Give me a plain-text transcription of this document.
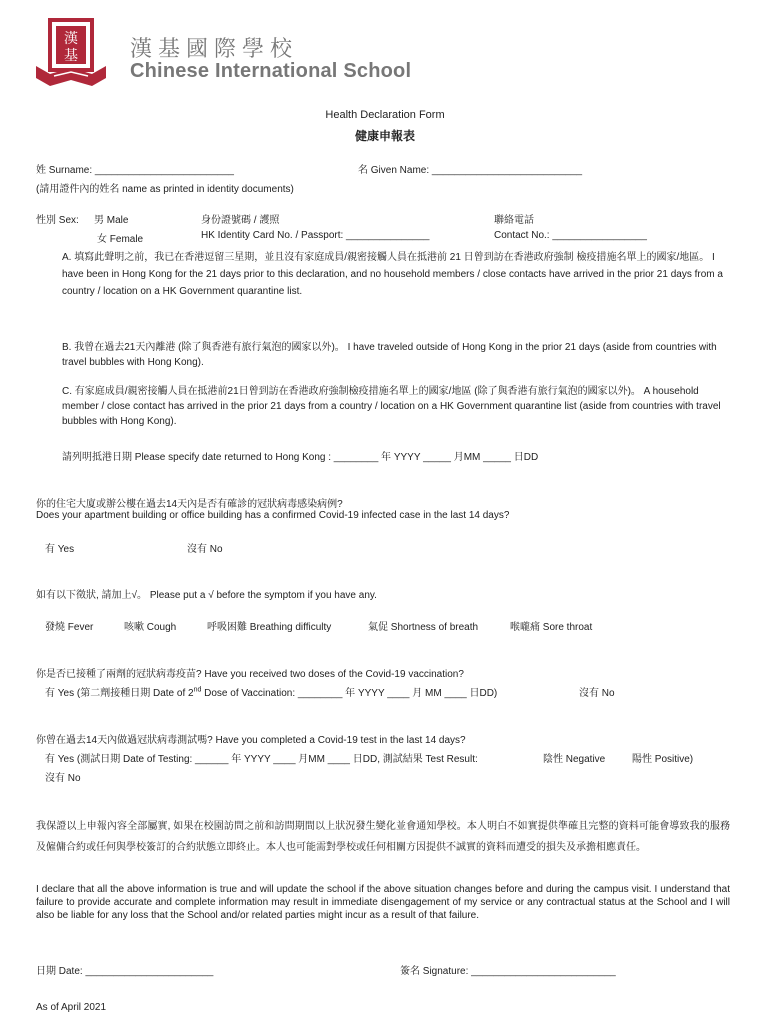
漢
基 漢基國際學校
Chinese International School
Health Declaration Form
健康申報表
姓 Surname: _________________________	名 Given Name: ___________________________
(請用證件內的姓名 name as printed in identity documents)
性別 Sex: 男 Male
女 Female
身份證號碼 / 護照
HK Identity Card No. / Passport: _______________
聯絡電話
Contact No.: _________________
A. 填寫此聲明之前，我已在香港逗留三星期，並且沒有家庭成員/親密接觸人員在抵港前 21 日曾到訪在香港政府強制 檢疫措施名單上的國家/地區。 I have been in Hong Kong for the 21 days prior to this declaration, and no household members / close contacts have arrived in the prior 21 days from a country / location on a HK Government quarantine list.
B. 我曾在過去21天內離港 (除了與香港有旅行氣泡的國家以外)。 I have traveled outside of Hong Kong in the prior 21 days (aside from countries with travel bubbles with Hong Kong).
C. 有家庭成員/親密接觸人員在抵港前21日曾到訪在香港政府強制檢疫措施名單上的國家/地區 (除了與香港有旅行氣泡的國家以外)。 A household member / close contact has arrived in the prior 21 days from a country / location on a HK Government quarantine list (aside from countries with travel bubbles with Hong Kong).
請列明抵港日期 Please specify date returned to Hong Kong : ________ 年 YYYY _____ 月MM _____ 日DD
你的住宅大廈或辦公樓在過去14天內是否有確診的冠狀病毒感染病例?
Does your apartment building or office building has a confirmed Covid-19 infected case in the last 14 days?
有 Yes	沒有 No
如有以下徵狀, 請加上√。 Please put a √ before the symptom if you have any.
發燒 Fever	咳嗽 Cough	呼吸困難 Breathing difficulty	氣促 Shortness of breath	喉嚨痛 Sore throat
你是否已接種了兩劑的冠狀病毒疫苗? Have you received two doses of the Covid-19 vaccination?
有 Yes (第二劑接種日期 Date of 2nd Dose of Vaccination: ________ 年 YYYY ____ 月 MM ____ 日DD)	沒有 No
你曾在過去14天內做過冠狀病毒測試嗎? Have you completed a Covid-19 test in the last 14 days?
有 Yes (測試日期 Date of Testing: ______ 年 YYYY ____ 月MM ____ 日DD, 測試結果 Test Result:	陰性 Negative	陽性 Positive)
沒有 No
我保證以上申報內容全部屬實, 如果在校園訪問之前和訪問期間以上狀況發生變化並會通知學校。本人明白不如實提供準確且完整的資料可能會導致我的服務及僱傭合約或任何與學校簽訂的合約狀態立即終止。本人也可能需對學校或任何相關方因提供不誠實的資料而遭受的損失及承擔相應責任。
I declare that all the above information is true and will update the school if the above situation changes before and during the campus visit. I understand that failure to provide accurate and complete information may result in immediate disengagement of my service or any contractual status at the School and I will also be liable for any loss that the School and/or related parties might incur as a result of that failure.
日期 Date: _______________________	簽名 Signature: __________________________
As of April 2021
